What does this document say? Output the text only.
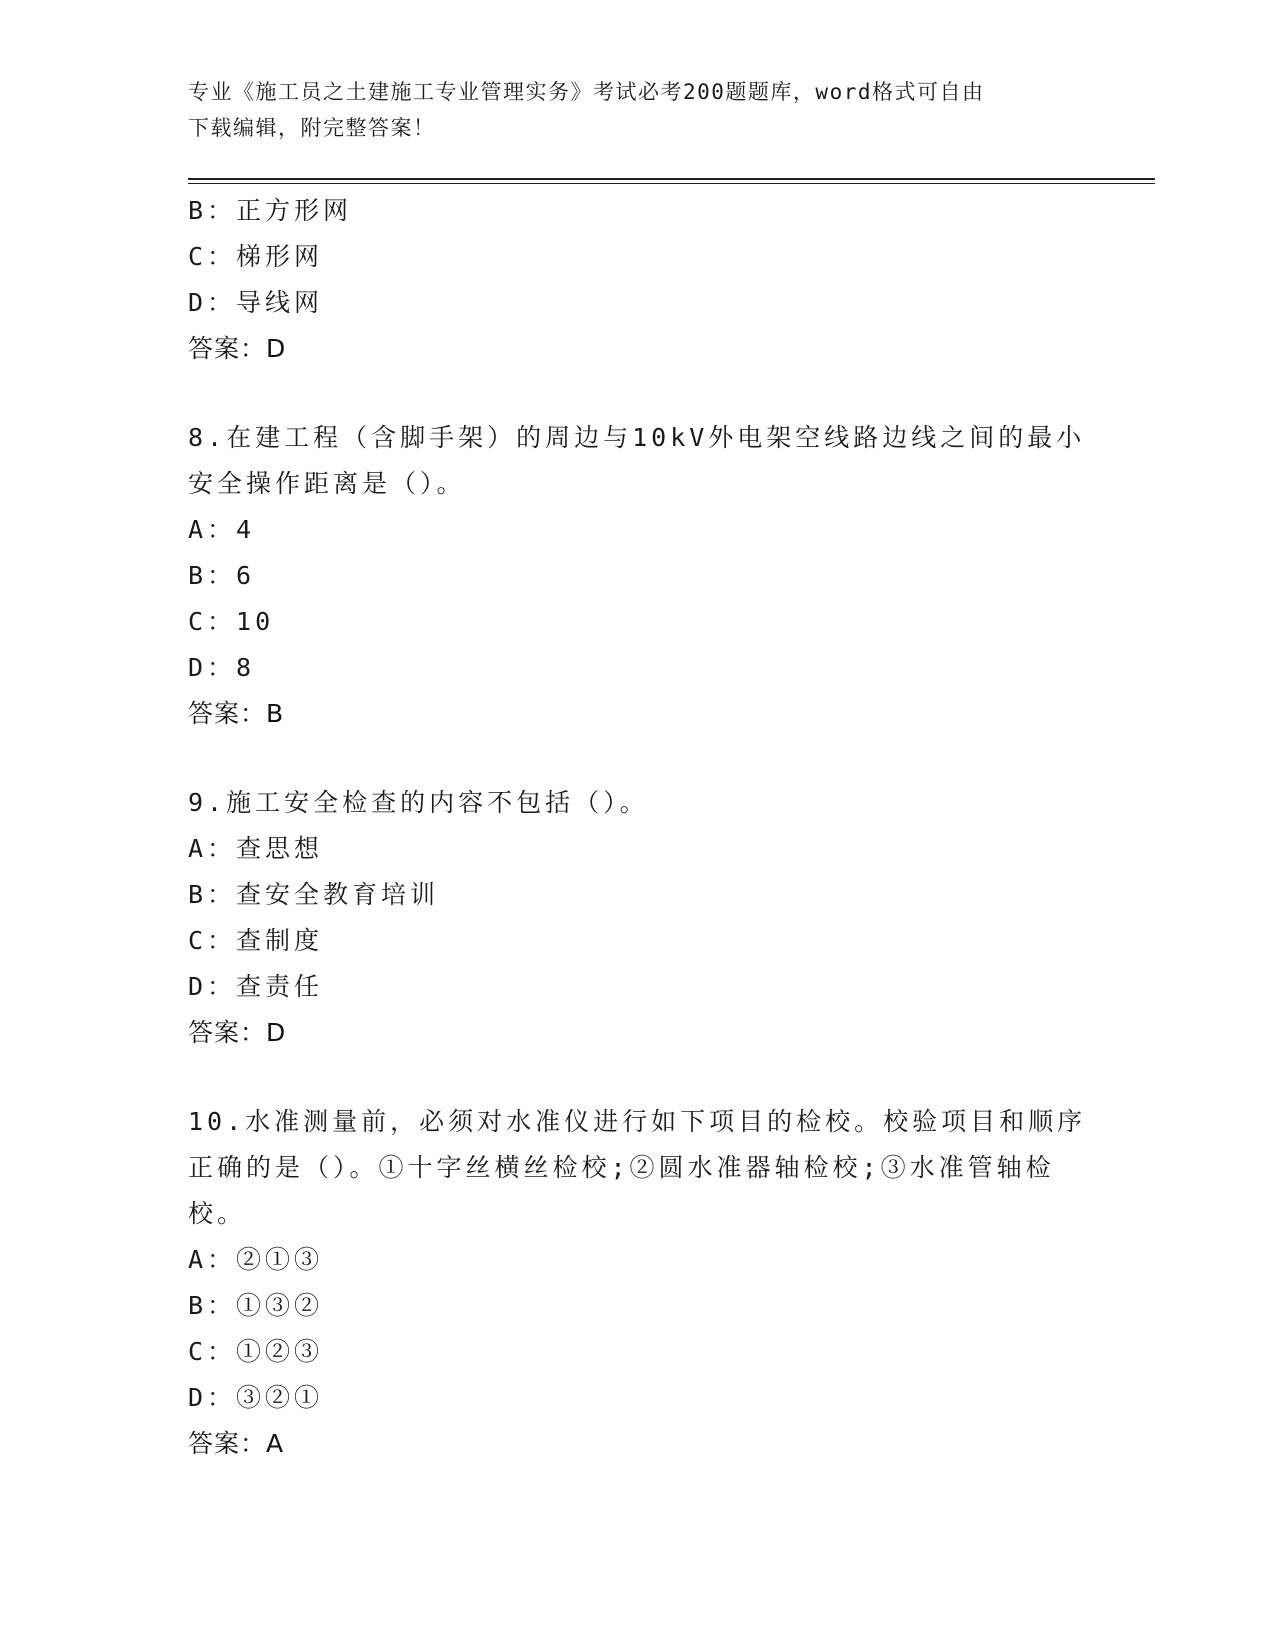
专业《施工员之土建施工专业管理实务》考试必考200题题库，word格式可自由
下载编辑，附完整答案！
B：正方形网
C：梯形网
D：导线网
答案：D
8.在建工程（含脚手架）的周边与10kV外电架空线路边线之间的最小
安全操作距离是（）。
A：4
B：6
C：10
D：8
答案：B
9.施工安全检查的内容不包括（）。
A：查思想
B：查安全教育培训
C：查制度
D：查责任
答案：D
10.水准测量前，必须对水准仪进行如下项目的检校。校验项目和顺序
正确的是（）。①十字丝横丝检校;②圆水准器轴检校;③水准管轴检
校。
A：②①③
B：①③②
C：①②③
D：③②①
答案：A
